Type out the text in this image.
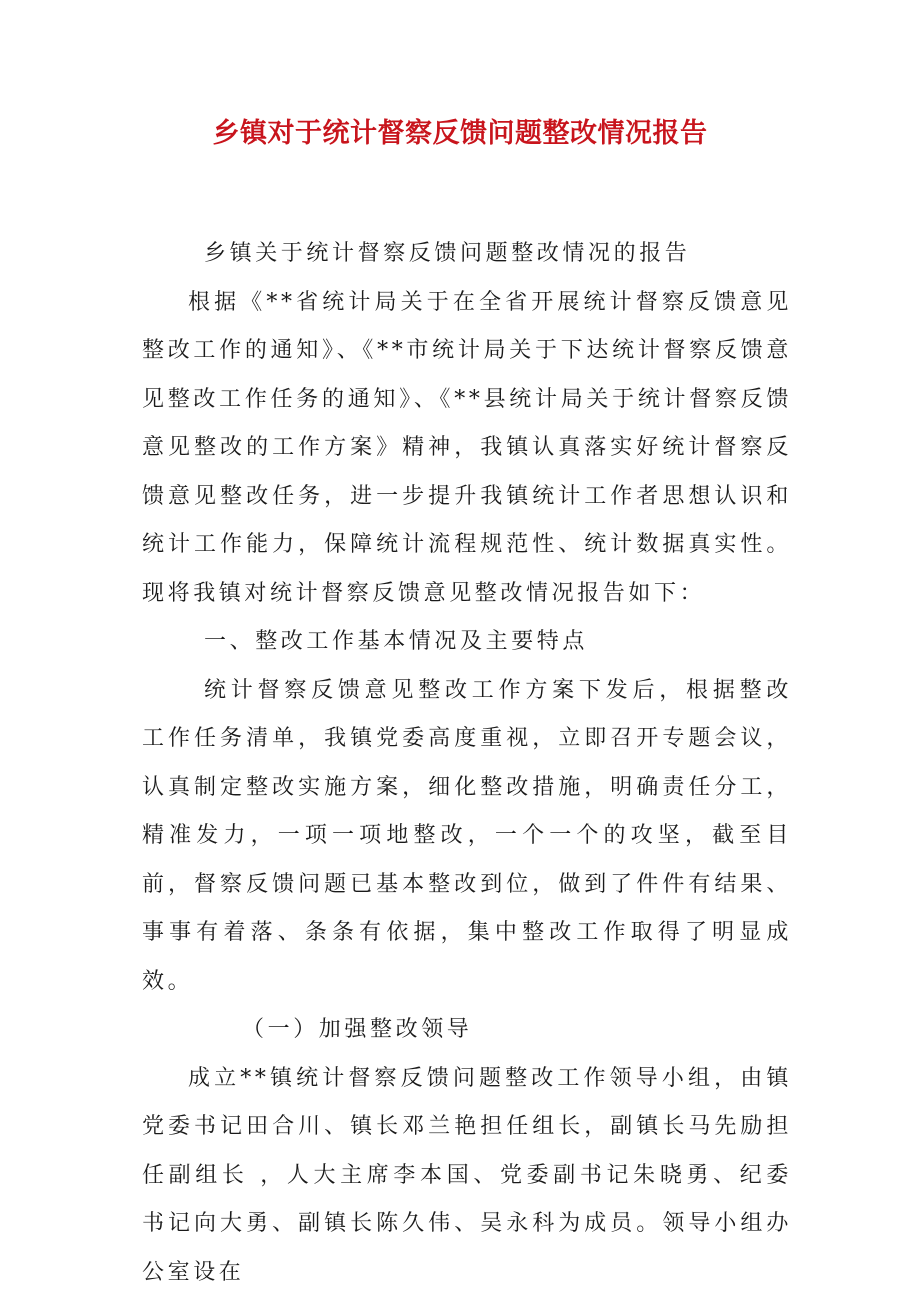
乡镇对于统计督察反馈问题整改情况报告

乡镇关于统计督察反馈问题整改情况的报告

根据《**省统计局关于在全省开展统计督察反馈意见整改工作的通知》、《**市统计局关于下达统计督察反馈意见整改工作任务的通知》、《**县统计局关于统计督察反馈意见整改的工作方案》精神，我镇认真落实好统计督察反馈意见整改任务，进一步提升我镇统计工作者思想认识和统计工作能力，保障统计流程规范性、统计数据真实性。现将我镇对统计督察反馈意见整改情况报告如下：

一、整改工作基本情况及主要特点

统计督察反馈意见整改工作方案下发后，根据整改工作任务清单，我镇党委高度重视，立即召开专题会议，认真制定整改实施方案，细化整改措施，明确责任分工，精准发力，一项一项地整改，一个一个的攻坚，截至目前，督察反馈问题已基本整改到位，做到了件件有结果、事事有着落、条条有依据，集中整改工作取得了明显成效。

（一）加强整改领导

成立**镇统计督察反馈问题整改工作领导小组，由镇党委书记田合川、镇长邓兰艳担任组长，副镇长马先励担任副组长 ，人大主席李本国、党委副书记朱晓勇、纪委书记向大勇、副镇长陈久伟、吴永科为成员。领导小组办公室设在
